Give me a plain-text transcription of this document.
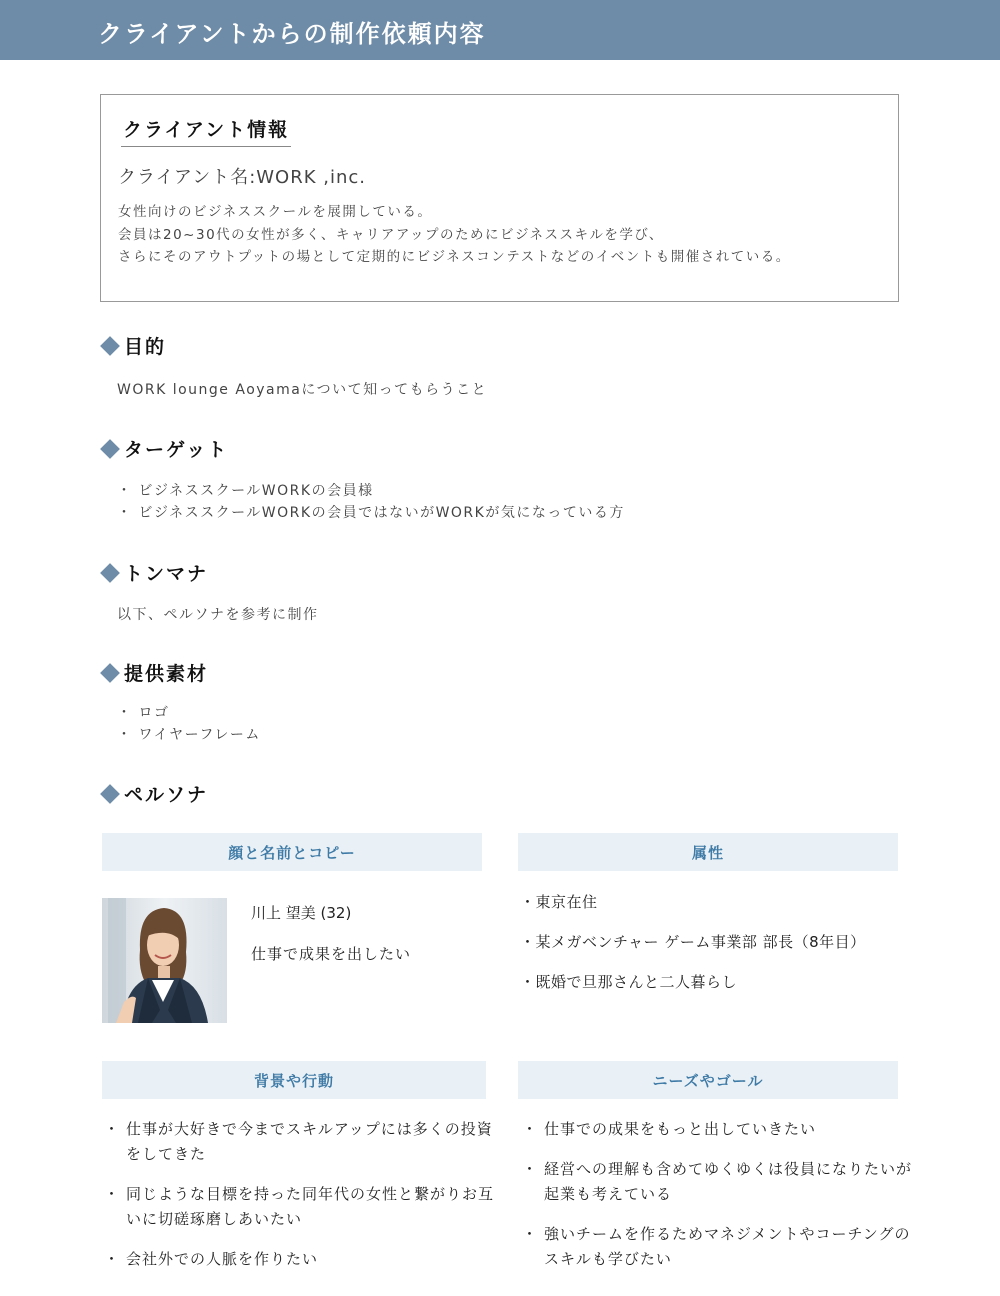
クライアントからの制作依頼内容
クライアント情報
クライアント名:WORK ,inc.
女性向けのビジネススクールを展開している。
会員は20~30代の女性が多く、キャリアアップのためにビジネススキルを学び、
さらにそのアウトプットの場として定期的にビジネスコンテストなどのイベントも開催されている。
目的
WORK lounge Aoyamaについて知ってもらうこと
ターゲット
・ ビジネススクールWORKの会員様
・ ビジネススクールWORKの会員ではないがWORKが気になっている方
トンマナ
以下、ペルソナを参考に制作
提供素材
・ ロゴ
・ ワイヤーフレーム
ペルソナ
顔と名前とコピー
川上 望美 (32)
仕事で成果を出したい
属性
・東京在住
・某メガベンチャー ゲーム事業部 部長（8年目）
・既婚で旦那さんと二人暮らし
背景や行動
・ 仕事が大好きで今までスキルアップには多くの投資
をしてきた
・ 同じような目標を持った同年代の女性と繋がりお互
いに切磋琢磨しあいたい
・ 会社外での人脈を作りたい
ニーズやゴール
・ 仕事での成果をもっと出していきたい
・ 経営への理解も含めてゆくゆくは役員になりたいが
起業も考えている
・ 強いチームを作るためマネジメントやコーチングの
スキルも学びたい
